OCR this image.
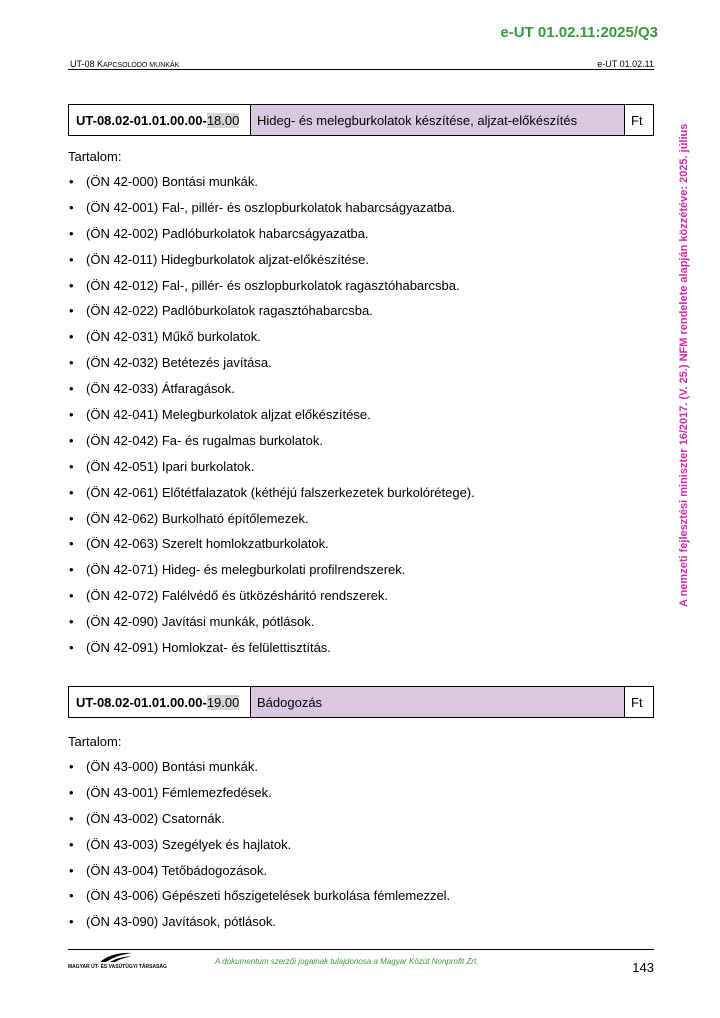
e-UT 01.02.11:2025/Q3
UT-08 KAPCSOLÓDÓ MUNKÁK	e-UT 01.02.11
A nemzeti fejlesztési miniszter 16/2017. (V. 25.) NFM rendelete alapján közzétéve: 2025. július
UT-08.02-01.01.00.00- 18.00	Hideg- és melegburkolatok készítése, aljzat-előkészítés	Ft
Tartalom:
• (ÖN 42-000) Bontási munkák.
• (ÖN 42-001) Fal-, pillér- és oszlopburkolatok habarcságyazatba.
• (ÖN 42-002) Padlóburkolatok habarcságyazatba.
• (ÖN 42-011) Hidegburkolatok aljzat-előkészítése.
• (ÖN 42-012) Fal-, pillér- és oszlopburkolatok ragasztóhabarcsba.
• (ÖN 42-022) Padlóburkolatok ragasztóhabarcsba.
• (ÖN 42-031) Műkő burkolatok.
• (ÖN 42-032) Betétezés javítása.
• (ÖN 42-033) Átfaragások.
• (ÖN 42-041) Melegburkolatok aljzat előkészítése.
• (ÖN 42-042) Fa- és rugalmas burkolatok.
• (ÖN 42-051) Ipari burkolatok.
• (ÖN 42-061) Előtétfalazatok (kéthéjú falszerkezetek burkolórétege).
• (ÖN 42-062) Burkolható építőlemezek.
• (ÖN 42-063) Szerelt homlokzatburkolatok.
• (ÖN 42-071) Hideg- és melegburkolati profilrendszerek.
• (ÖN 42-072) Falélvédő és ütközésháritó rendszerek.
• (ÖN 42-090) Javítási munkák, pótlások.
• (ÖN 42-091) Homlokzat- és felülettisztítás.
UT-08.02-01.01.00.00- 19.00	Bádogozás	Ft
Tartalom:
• (ÖN 43-000) Bontási munkák.
• (ÖN 43-001) Fémlemezfedések.
• (ÖN 43-002) Csatornák.
• (ÖN 43-003) Szegélyek és hajlatok.
• (ÖN 43-004) Tetőbádogozások.
• (ÖN 43-006) Gépészeti hőszigetelések burkolása fémlemezzel.
• (ÖN 43-090) Javítások, pótlások.
MAGYAR ÚT- ÉS VASÚTÜGYI TÁRSASÁG
A dokumentum szerzői jogainak tulajdonosa a Magyar Közút Nonprofit Zrt.	143
